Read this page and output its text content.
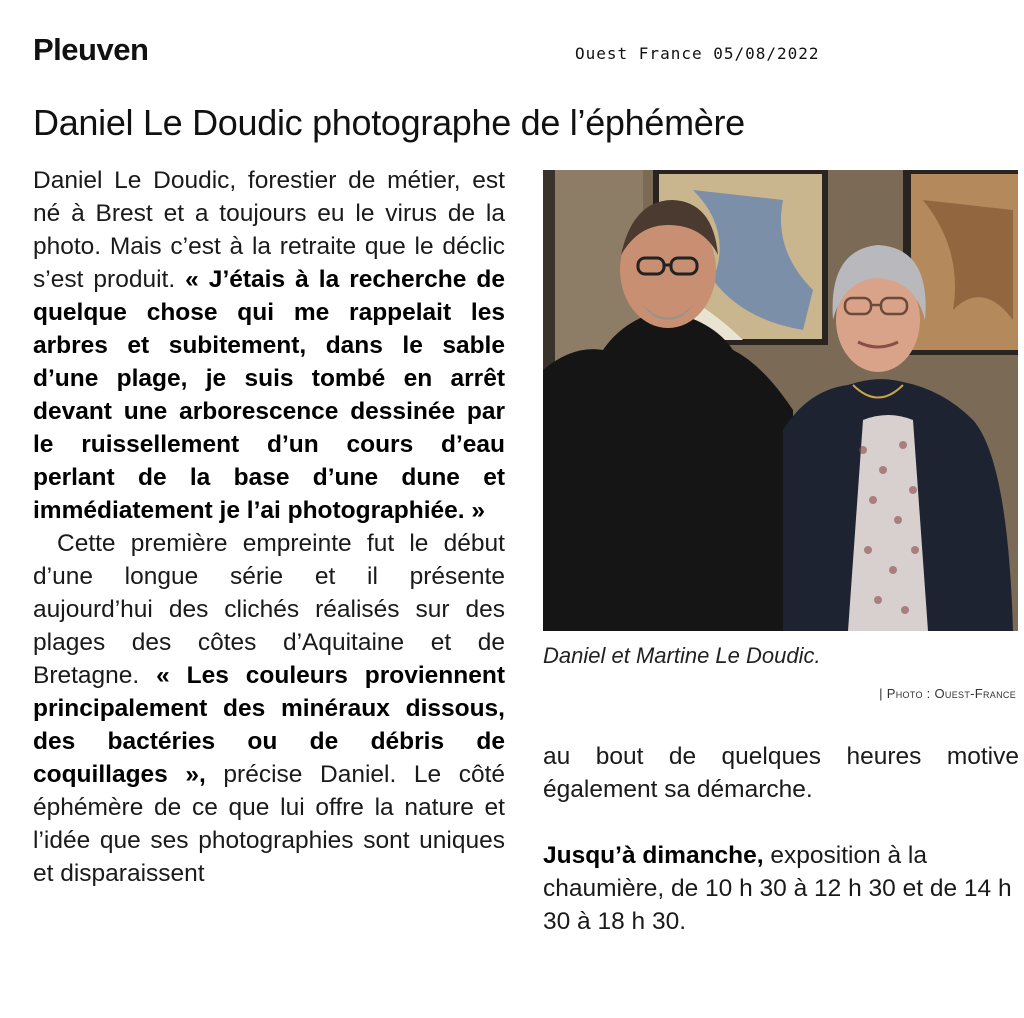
Pleuven	Ouest France 05/08/2022
Daniel Le Doudic photographe de l’éphémère

Daniel Le Doudic, forestier de métier, est né à Brest et a toujours eu le virus de la photo. Mais c’est à la retraite que le déclic s’est produit. « J’étais à la recherche de quelque chose qui me rappelait les arbres et subitement, dans le sable d’une plage, je suis tombé en arrêt devant une arborescence dessinée par le ruissellement d’un cours d’eau perlant de la base d’une dune et immédiatement je l’ai photographiée. »

Cette première empreinte fut le début d’une longue série et il présente aujourd’hui des clichés réalisés sur des plages des côtes d’Aquitaine et de Bretagne. « Les couleurs proviennent principalement des minéraux dissous, des bactéries ou de débris de coquillages », précise Daniel. Le côté éphémère de ce que lui offre la nature et l’idée que ses photographies sont uniques et disparaissent

Daniel et Martine Le Doudic.
| Photo : Ouest-France

au bout de quelques heures motive également sa démarche.

Jusqu’à dimanche, exposition à la chaumière, de 10 h 30 à 12 h 30 et de 14 h 30 à 18 h 30.
